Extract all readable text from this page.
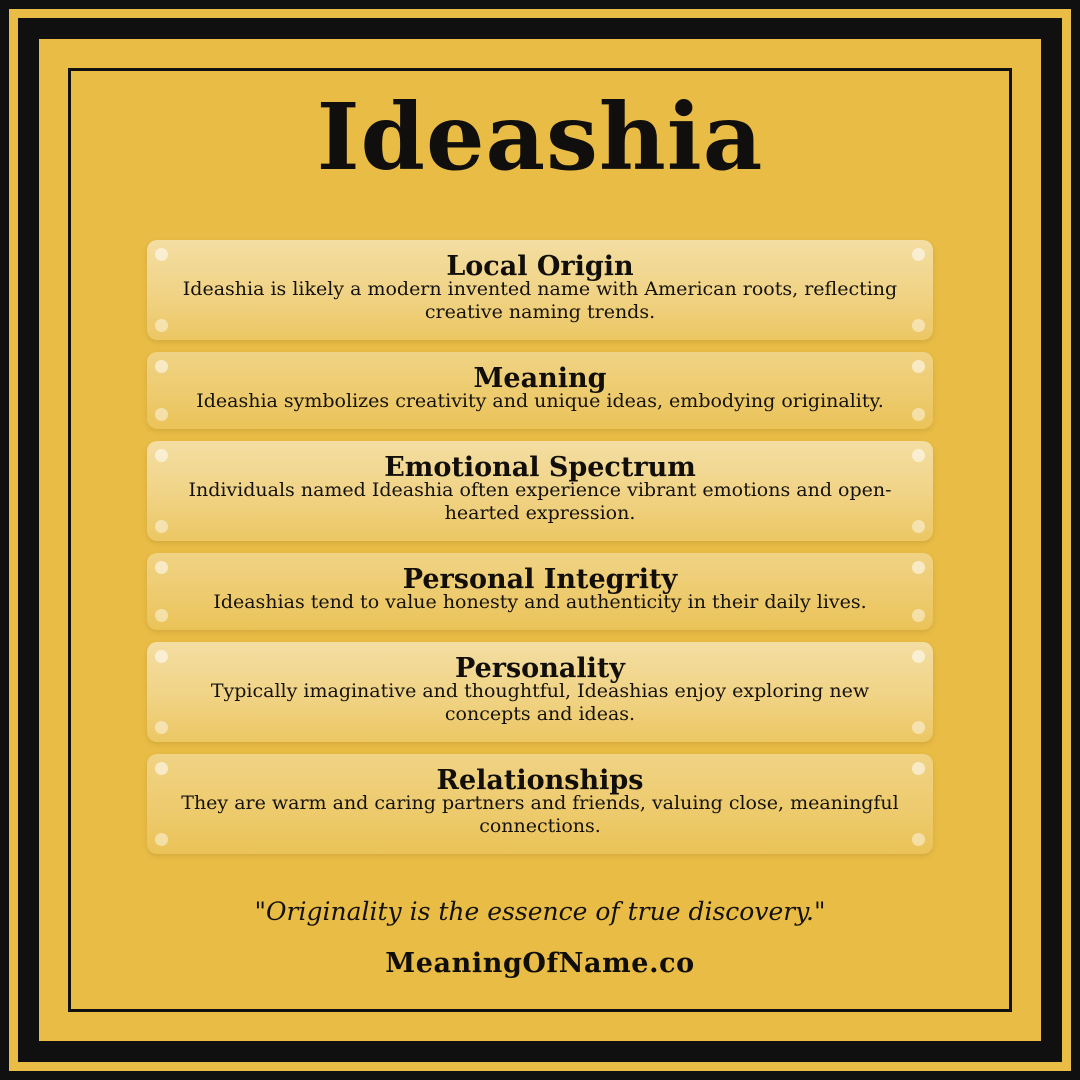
Ideashia
Local Origin

Ideashia is likely a modern invented name with American roots, reflecting creative naming trends.

Meaning

Ideashia symbolizes creativity and unique ideas, embodying originality.

Emotional Spectrum

Individuals named Ideashia often experience vibrant emotions and open-hearted expression.

Personal Integrity

Ideashias tend to value honesty and authenticity in their daily lives.

Personality

Typically imaginative and thoughtful, Ideashias enjoy exploring new concepts and ideas.

Relationships

They are warm and caring partners and friends, valuing close, meaningful connections.

"Originality is the essence of true discovery."

MeaningOfName.co
